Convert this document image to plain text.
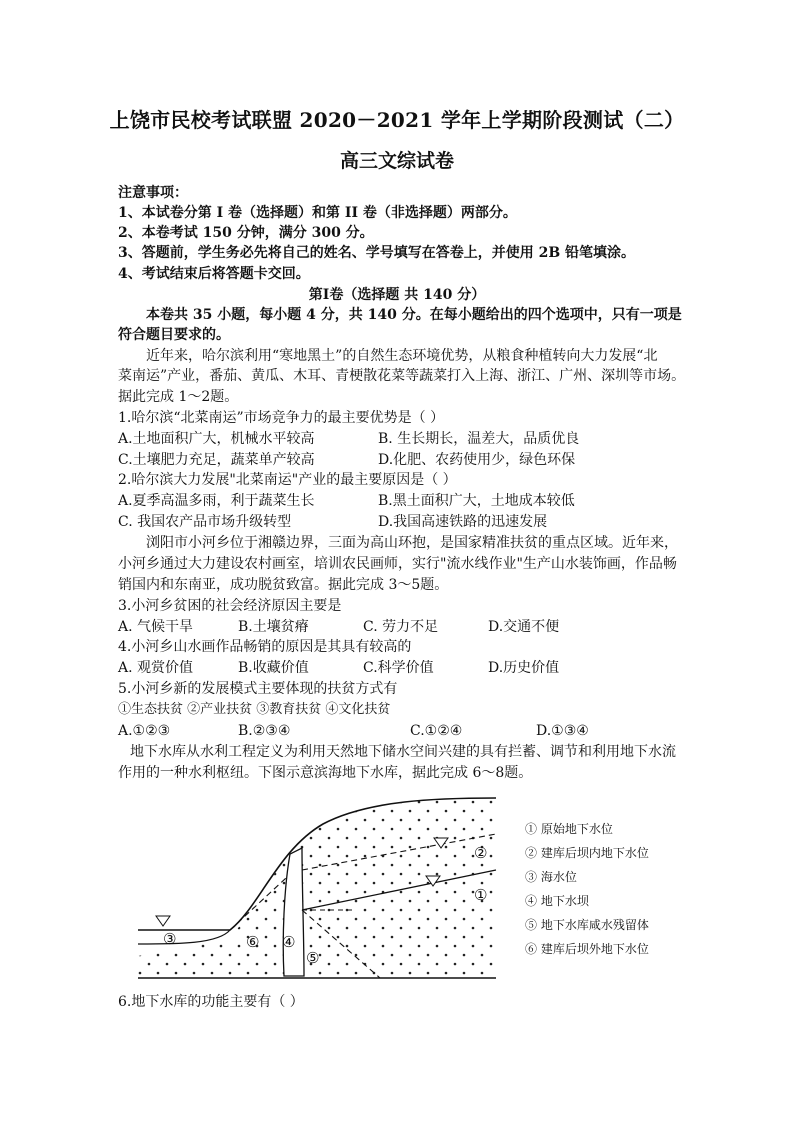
上饶市民校考试联盟 2020－2021 学年上学期阶段测试（二）
高三文综试卷
注意事项：
1、本试卷分第 I 卷（选择题）和第 II 卷（非选择题）两部分。
2、本卷考试 150 分钟，满分 300 分。
3、答题前，学生务必先将自己的姓名、学号填写在答卷上，并使用 2B 铅笔填涂。
4、考试结束后将答题卡交回。
第Ⅰ卷（选择题 共 140 分）
本卷共 35 小题，每小题 4 分，共 140 分。在每小题给出的四个选项中，只有一项是
符合题目要求的。
近年来，哈尔滨利用“寒地黑土”的自然生态环境优势，从粮食种植转向大力发展“北
菜南运”产业，番茄、黄瓜、木耳、青梗散花菜等蔬菜打入上海、浙江、广州、深圳等市场。
据此完成 1～2题。
1.哈尔滨“北菜南运”市场竞争力的最主要优势是（ ）
A.土地面积广大，机械水平较高	B. 生长期长，温差大，品质优良
C.土壤肥力充足，蔬菜单产较高	D.化肥、农药使用少，绿色环保
2.哈尔滨大力发展"北菜南运"产业的最主要原因是（ ）
A.夏季高温多雨，利于蔬菜生长	B.黑土面积广大，土地成本较低
C. 我国农产品市场升级转型	D.我国高速铁路的迅速发展
浏阳市小河乡位于湘赣边界，三面为高山环抱，是国家精准扶贫的重点区域。近年来，
小河乡通过大力建设农村画室，培训农民画师，实行"流水线作业"生产山水装饰画，作品畅
销国内和东南亚，成功脱贫致富。据此完成 3～5题。
3.小河乡贫困的社会经济原因主要是
A. 气候干旱	B.土壤贫瘠	C. 劳力不足	D.交通不便
4.小河乡山水画作品畅销的原因是其具有较高的
A. 观赏价值	B.收藏价值	C.科学价值	D.历史价值
5.小河乡新的发展模式主要体现的扶贫方式有
①生态扶贫 ②产业扶贫 ③教育扶贫 ④文化扶贫
A.①②③	B.②③④	C.①②④	D.①③④
地下水库从水利工程定义为利用天然地下储水空间兴建的具有拦蓄、调节和利用地下水流
作用的一种水利枢纽。下图示意滨海地下水库，据此完成 6～8题。
①
②
③	④
⑤
⑥
① 原始地下水位
② 建库后坝内地下水位
③ 海水位
④ 地下水坝
⑤ 地下水库咸水残留体
⑥ 建库后坝外地下水位
6.地下水库的功能主要有（ ）
